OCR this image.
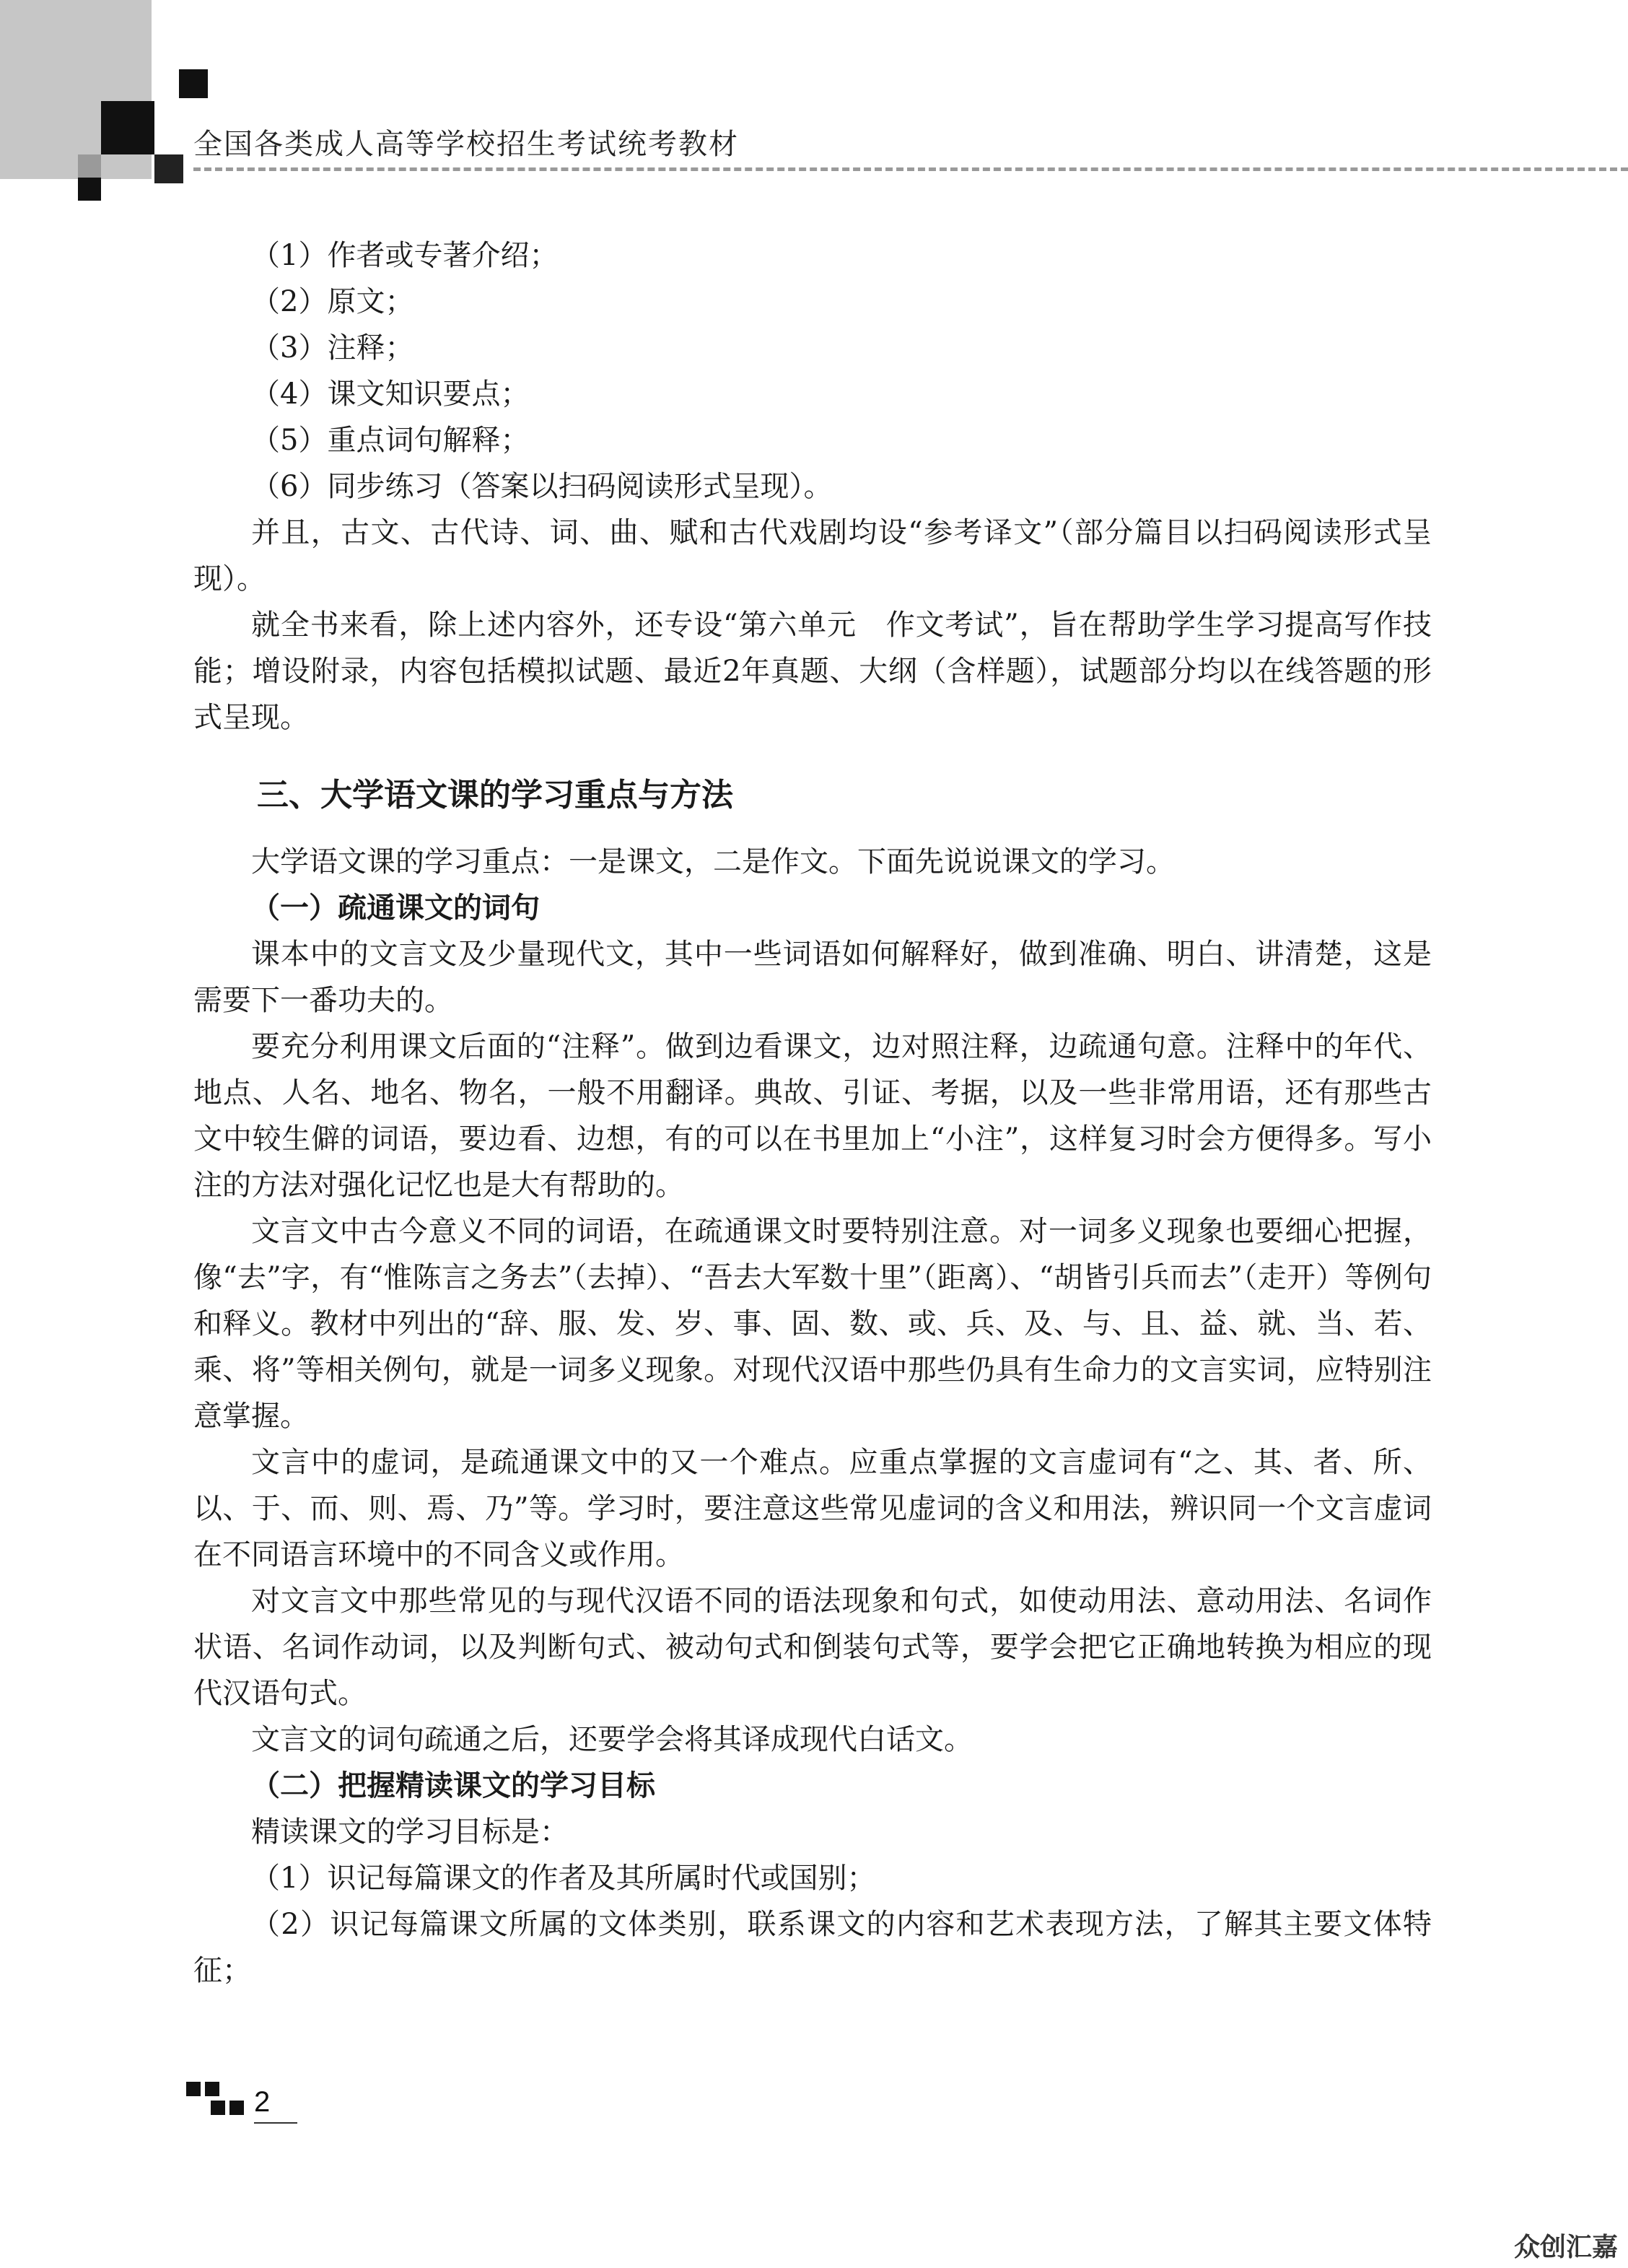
全国各类成人高等学校招生考试统考教材

（1）作者或专著介绍；

（2）原文；

（3）注释；

（4）课文知识要点；

（5）重点词句解释；

（6）同步练习（答案以扫码阅读形式呈现）。

并且，古文、古代诗、词、曲、赋和古代戏剧均设“参考译文”（部分篇目以扫码阅读形式呈现）。

就全书来看，除上述内容外，还专设“第六单元　作文考试”，旨在帮助学生学习提高写作技能；增设附录，内容包括模拟试题、最近2年真题、大纲（含样题），试题部分均以在线答题的形式呈现。

三、大学语文课的学习重点与方法

大学语文课的学习重点：一是课文，二是作文。下面先说说课文的学习。

（一）疏通课文的词句

课本中的文言文及少量现代文，其中一些词语如何解释好，做到准确、明白、讲清楚，这是需要下一番功夫的。

要充分利用课文后面的“注释”。做到边看课文，边对照注释，边疏通句意。注释中的年代、地点、人名、地名、物名，一般不用翻译。典故、引证、考据，以及一些非常用语，还有那些古文中较生僻的词语，要边看、边想，有的可以在书里加上“小注”，这样复习时会方便得多。写小注的方法对强化记忆也是大有帮助的。

文言文中古今意义不同的词语，在疏通课文时要特别注意。对一词多义现象也要细心把握，像“去”字，有“惟陈言之务去”（去掉）、“吾去大军数十里”（距离）、“胡皆引兵而去”（走开）等例句和释义。教材中列出的“辞、服、发、岁、事、固、数、或、兵、及、与、且、益、就、当、若、乘、将”等相关例句，就是一词多义现象。对现代汉语中那些仍具有生命力的文言实词，应特别注意掌握。

文言中的虚词，是疏通课文中的又一个难点。应重点掌握的文言虚词有“之、其、者、所、以、于、而、则、焉、乃”等。学习时，要注意这些常见虚词的含义和用法，辨识同一个文言虚词在不同语言环境中的不同含义或作用。

对文言文中那些常见的与现代汉语不同的语法现象和句式，如使动用法、意动用法、名词作状语、名词作动词，以及判断句式、被动句式和倒装句式等，要学会把它正确地转换为相应的现代汉语句式。

文言文的词句疏通之后，还要学会将其译成现代白话文。

（二）把握精读课文的学习目标

精读课文的学习目标是：

（1）识记每篇课文的作者及其所属时代或国别；

（2）识记每篇课文所属的文体类别，联系课文的内容和艺术表现方法，了解其主要文体特征；

2
众创汇嘉
